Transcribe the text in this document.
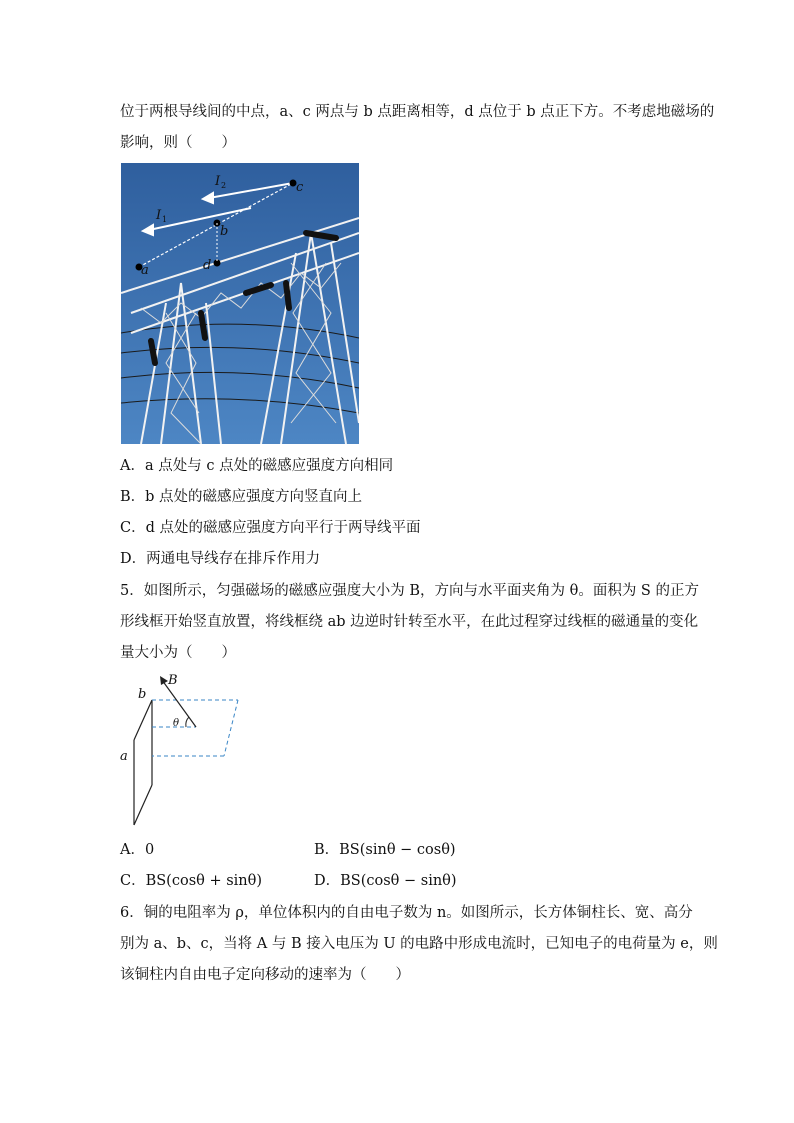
位于两根导线间的中点，a、c 两点与 b 点距离相等，d 点位于 b 点正下方。不考虑地磁场的
影响，则（　　）
a
b
c
d
I
I
1
2
A．a 点处与 c 点处的磁感应强度方向相同
B．b 点处的磁感应强度方向竖直向上
C．d 点处的磁感应强度方向平行于两导线平面
D．两通电导线存在排斥作用力
5．如图所示，匀强磁场的磁感应强度大小为 B，方向与水平面夹角为 θ。面积为 S 的正方
形线框开始竖直放置，将线框绕 ab 边逆时针转至水平，在此过程穿过线框的磁通量的变化
量大小为（　　）
B
b
a
θ
A．0	B．BS(sinθ − cosθ)
C．BS(cosθ + sinθ)	D．BS(cosθ − sinθ)
6．铜的电阻率为 ρ，单位体积内的自由电子数为 n。如图所示，长方体铜柱长、宽、高分
别为 a、b、c，当将 A 与 B 接入电压为 U 的电路中形成电流时，已知电子的电荷量为 e，则
该铜柱内自由电子定向移动的速率为（　　）
